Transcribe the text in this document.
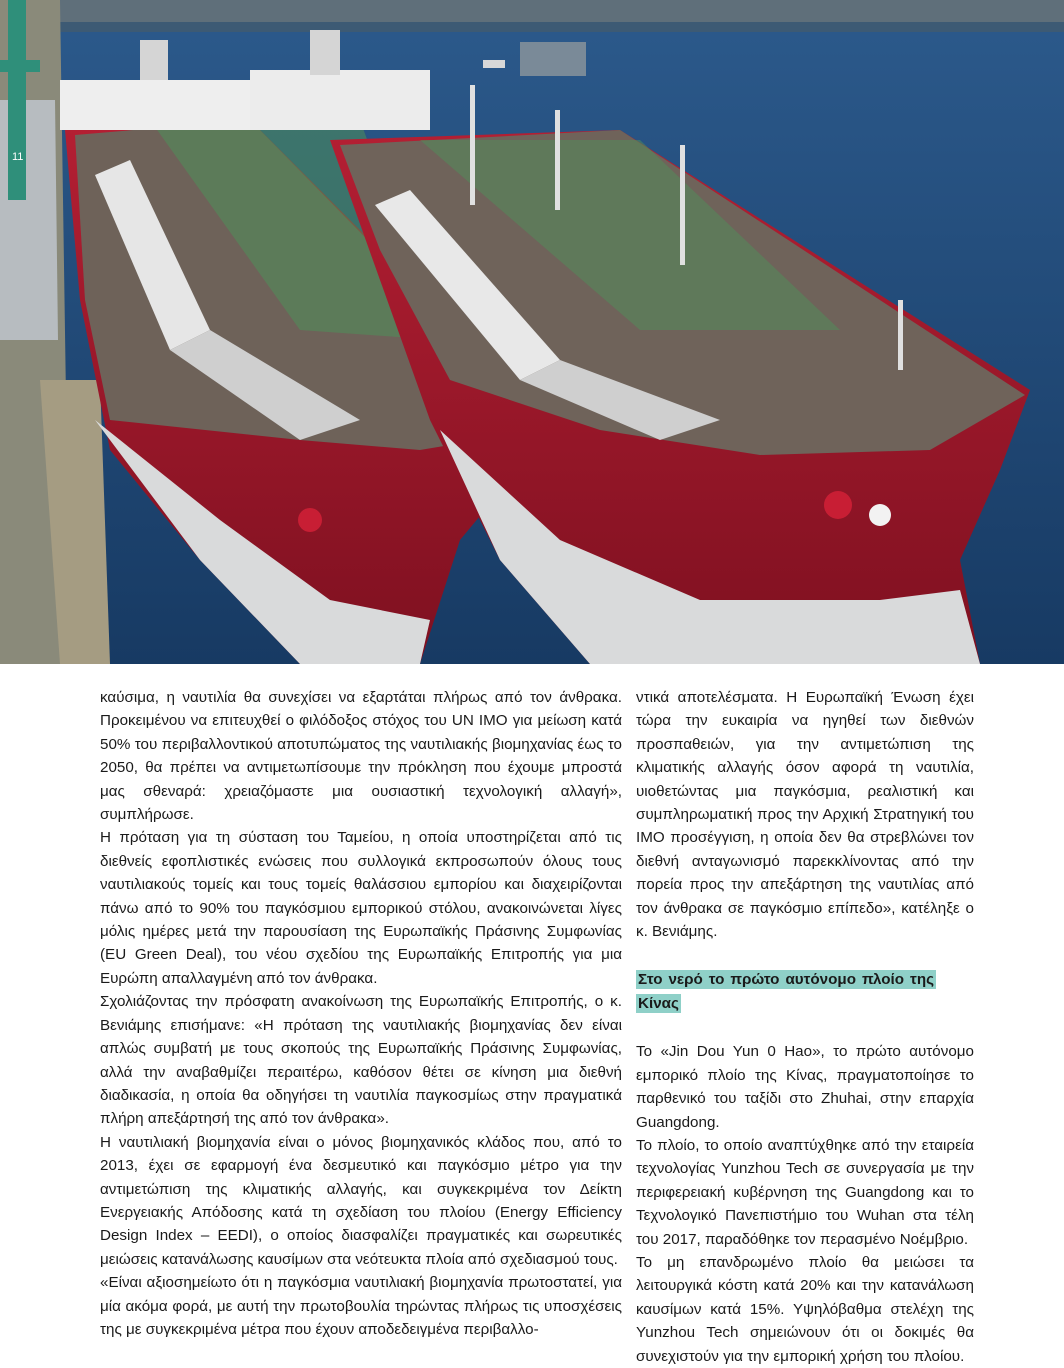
11

καύσιμα, η ναυτιλία θα συνεχίσει να εξαρτάται πλήρως από τον άνθρακα. Προκειμένου να επιτευχθεί ο φιλόδοξος στόχος του UN IMO για μείωση κατά 50% του περιβαλλοντικού αποτυπώματος της ναυτιλιακής βιομηχανίας έως το 2050, θα πρέπει να αντιμετωπίσουμε την πρόκληση που έχουμε μπροστά μας σθεναρά: χρειαζόμαστε μια ουσιαστική τεχνολογική αλλαγή», συμπλήρωσε.

Η πρόταση για τη σύσταση του Ταμείου, η οποία υποστηρίζεται από τις διεθνείς εφοπλιστικές ενώσεις που συλλογικά εκπροσωπούν όλους τους ναυτιλιακούς τομείς και τους τομείς θαλάσσιου εμπορίου και διαχειρίζονται πάνω από το 90% του παγκόσμιου εμπορικού στόλου, ανακοινώνεται λίγες μόλις ημέρες μετά την παρουσίαση της Ευρωπαϊκής Πράσινης Συμφωνίας (EU Green Deal), του νέου σχεδίου της Ευρωπαϊκής Επιτροπής για μια Ευρώπη απαλλαγμένη από τον άνθρακα.

Σχολιάζοντας την πρόσφατη ανακοίνωση της Ευρωπαϊκής Επιτροπής, ο κ. Βενιάμης επισήμανε: «Η πρόταση της ναυτιλιακής βιομηχανίας δεν είναι απλώς συμβατή με τους σκοπούς της Ευρωπαϊκής Πράσινης Συμφωνίας, αλλά την αναβαθμίζει περαιτέρω, καθόσον θέτει σε κίνηση μια διεθνή διαδικασία, η οποία θα οδηγήσει τη ναυτιλία παγκοσμίως στην πραγματικά πλήρη απεξάρτησή της από τον άνθρακα».

Η ναυτιλιακή βιομηχανία είναι ο μόνος βιομηχανικός κλάδος που, από το 2013, έχει σε εφαρμογή ένα δεσμευτικό και παγκόσμιο μέτρο για την αντιμετώπιση της κλιματικής αλλαγής, και συγκεκριμένα τον Δείκτη Ενεργειακής Απόδοσης κατά τη σχεδίαση του πλοίου (Energy Efficiency Design Index – EEDI), ο οποίος διασφαλίζει πραγματικές και σωρευτικές μειώσεις κατανάλωσης καυσίμων στα νεότευκτα πλοία από σχεδιασμού τους.

«Είναι αξιοσημείωτο ότι η παγκόσμια ναυτιλιακή βιομηχανία πρωτοστατεί, για μία ακόμα φορά, με αυτή την πρωτοβουλία τηρώντας πλήρως τις υποσχέσεις της με συγκεκριμένα μέτρα που έχουν αποδεδειγμένα περιβαλλο-

ντικά αποτελέσματα. Η Ευρωπαϊκή Ένωση έχει τώρα την ευκαιρία να ηγηθεί των διεθνών προσπαθειών, για την αντιμετώπιση της κλιματικής αλλαγής όσον αφορά τη ναυτιλία, υιοθετώντας μια παγκόσμια, ρεαλιστική και συμπληρωματική προς την Αρχική Στρατηγική του IMO προσέγγιση, η οποία δεν θα στρεβλώνει τον διεθνή ανταγωνισμό παρεκκλίνοντας από την πορεία προς την απεξάρτηση της ναυτιλίας από τον άνθρακα σε παγκόσμιο επίπεδο», κατέληξε ο κ. Βενιάμης.

Στο νερό το πρώτο αυτόνομο πλοίο της Κίνας

Το «Jin Dou Yun 0 Hao», το πρώτο αυτόνομο εμπορικό πλοίο της Κίνας, πραγματοποίησε το παρθενικό του ταξίδι στο Zhuhai, στην επαρχία Guangdong.

Το πλοίο, το οποίο αναπτύχθηκε από την εταιρεία τεχνολογίας Yunzhou Tech σε συνεργασία με την περιφερειακή κυβέρνηση της Guangdong και το Τεχνολογικό Πανεπιστήμιο του Wuhan στα τέλη του 2017, παραδόθηκε τον περασμένο Νοέμβριο.

Το μη επανδρωμένο πλοίο θα μειώσει τα λειτουργικά κόστη κατά 20% και την κατανάλωση καυσίμων κατά 15%. Υψηλόβαθμα στελέχη της Yunzhou Tech σημειώνουν ότι οι δοκιμές θα συνεχιστούν για την εμπορική χρήση του πλοίου.
